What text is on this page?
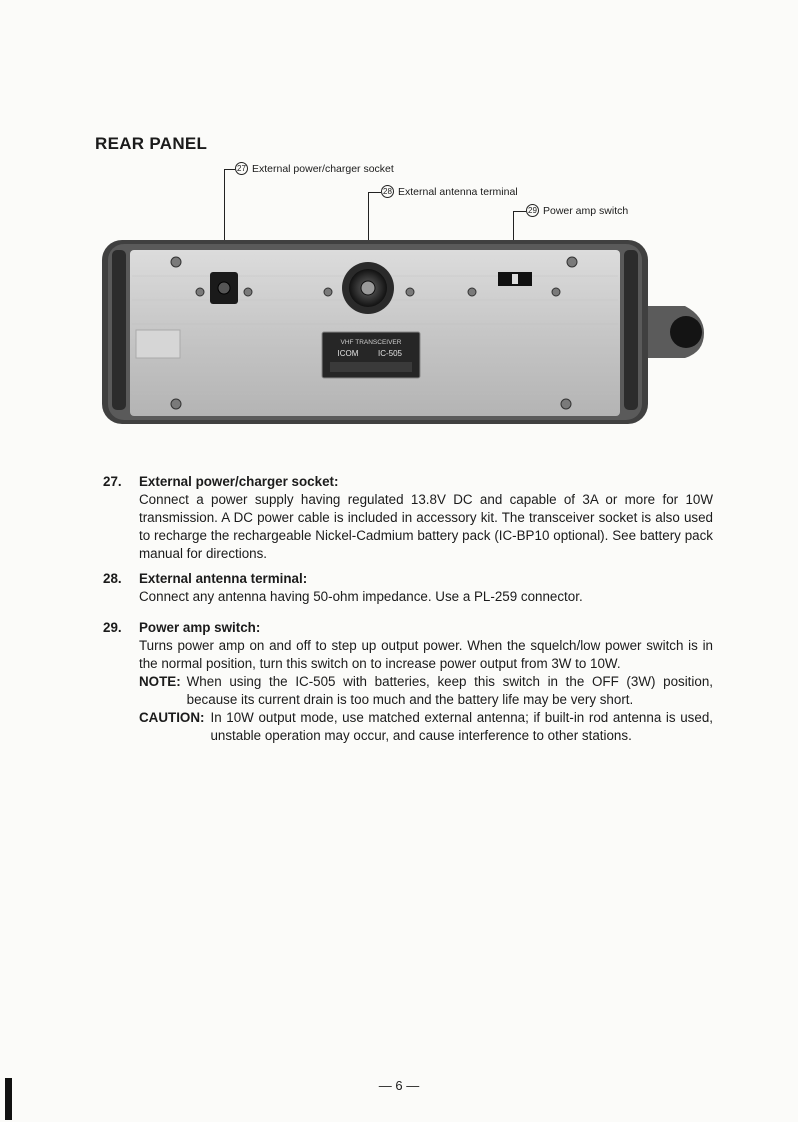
REAR PANEL
27 External power/charger socket
28 External antenna terminal
29 Power amp switch
VHF TRANSCEIVER
ICOM IC-505
27. External power/charger socket:
Connect a power supply having regulated 13.8V DC and capable of 3A or more for 10W transmission. A DC power cable is included in accessory kit. The transceiver socket is also used to recharge the rechargeable Nickel-Cadmium battery pack (IC-BP10 optional). See battery pack manual for directions.
28. External antenna terminal:
Connect any antenna having 50-ohm impedance. Use a PL-259 connector.
29. Power amp switch:
Turns power amp on and off to step up output power. When the squelch/low power switch is in the normal position, turn this switch on to increase power output from 3W to 10W.
NOTE: When using the IC-505 with batteries, keep this switch in the OFF (3W) position, because its current drain is too much and the battery life may be very short.
CAUTION: In 10W output mode, use matched external antenna; if built-in rod antenna is used, unstable operation may occur, and cause interference to other stations.
— 6 —
